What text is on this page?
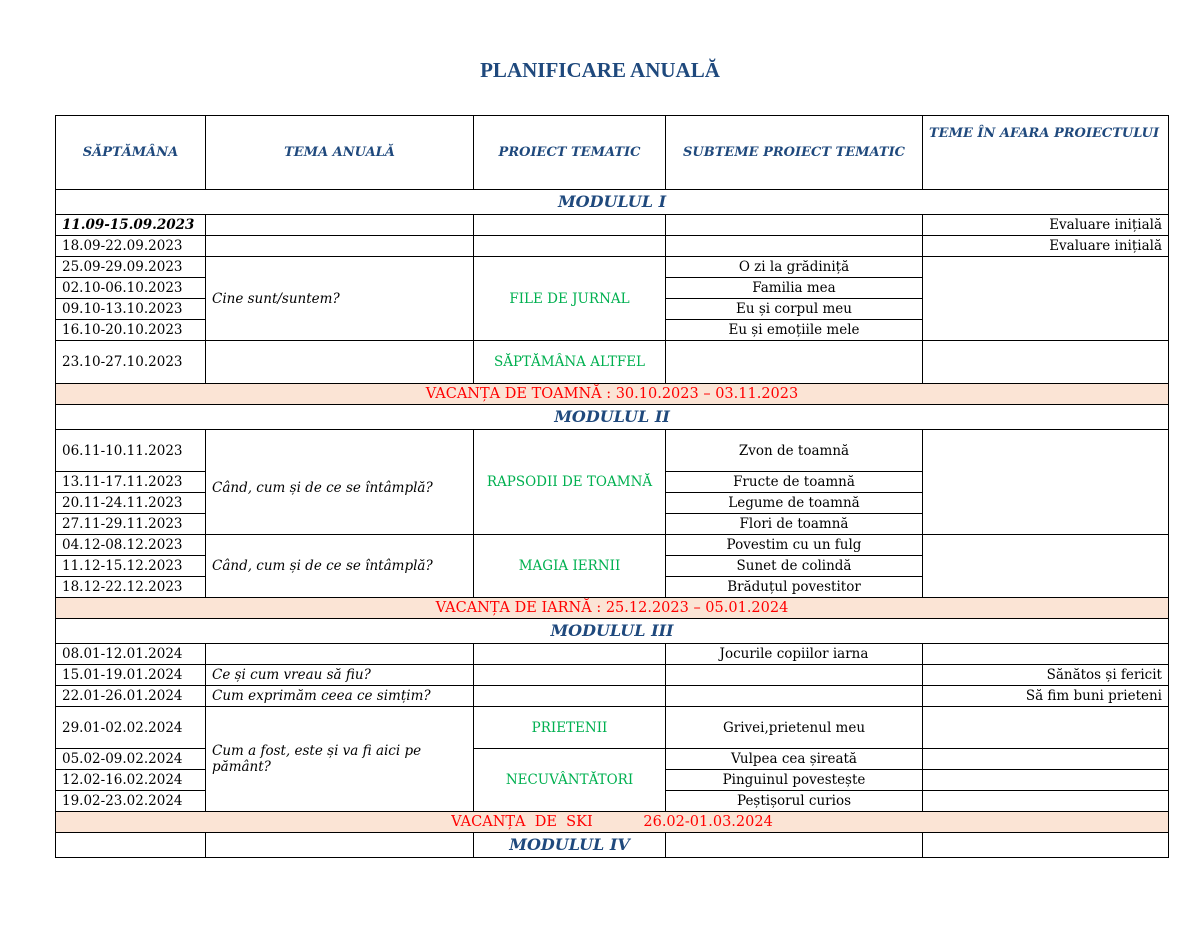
PLANIFICARE ANUALĂ
SĂPTĂMÂNA	TEMA ANUALĂ	PROIECT TEMATIC	SUBTEME PROIECT TEMATIC	TEME ÎN AFARA PROIECTULUI
MODULUL I				
11.09-15.09.2023				Evaluare inițială
18.09-22.09.2023				Evaluare inițială
25.09-29.09.2023	Cine sunt/suntem?	FILE DE JURNAL	O zi la grădiniță	
02.10-06.10.2023			Familia mea	
09.10-13.10.2023			Eu și corpul meu	
16.10-20.10.2023			Eu și emoțiile mele	
23.10-27.10.2023		SĂPTĂMÂNA ALTFEL		
VACANȚA DE TOAMNĂ : 30.10.2023 – 03.11.2023				
MODULUL II				
06.11-10.11.2023	Când, cum și de ce se întâmplă?	RAPSODII DE TOAMNĂ	Zvon de toamnă	
13.11-17.11.2023			Fructe de toamnă	
20.11-24.11.2023			Legume de toamnă	
27.11-29.11.2023			Flori de toamnă	
04.12-08.12.2023	Când, cum și de ce se întâmplă?	MAGIA IERNII	Povestim cu un fulg	
11.12-15.12.2023			Sunet de colindă	
18.12-22.12.2023			Brăduțul povestitor	
VACANȚA DE IARNĂ : 25.12.2023 – 05.01.2024				
MODULUL III				
08.01-12.01.2024			Jocurile copiilor iarna	
15.01-19.01.2024	Ce și cum vreau să fiu?			Sănătos și fericit
22.01-26.01.2024	Cum exprimăm ceea ce simțim?			Să fim buni prieteni
29.01-02.02.2024	Cum a fost, este și va fi aici pe pământ?	PRIETENII	Grivei,prietenul meu	
05.02-09.02.2024		NECUVÂNTĂTORI	Vulpea cea șireată	
12.02-16.02.2024			Pinguinul povestește	
19.02-23.02.2024			Peștișorul curios	
VACANȚA  DE  SKI           26.02-01.03.2024				
		MODULUL IV		
